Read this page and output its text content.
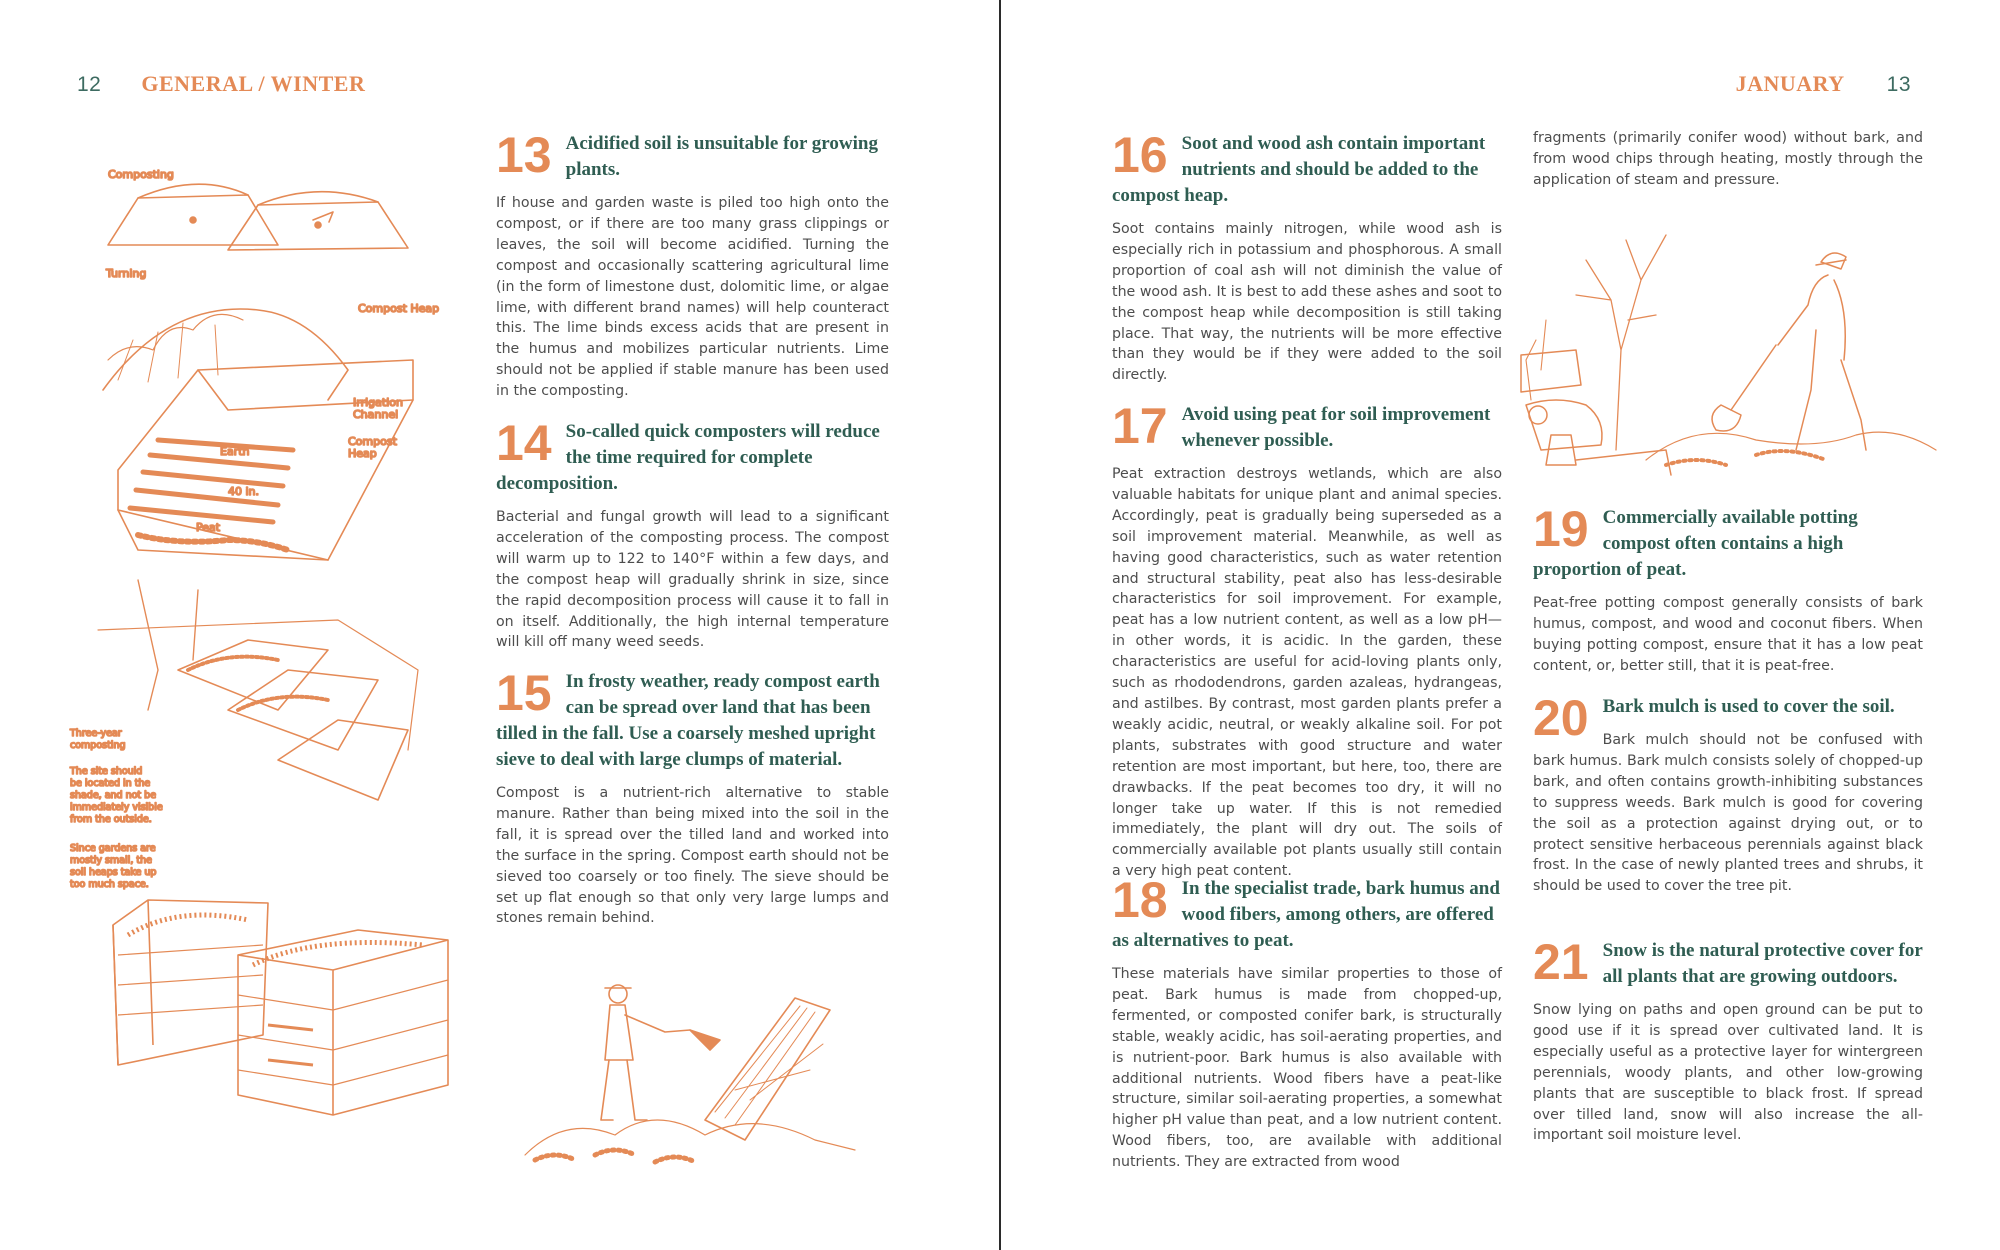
12 GENERAL / WINTER
Composting
Turning
Compost Heap
Earth
40 in.
Irrigation
Channel
Compost
Heap
Peat
Three-year
composting
The site should
be located in the
shade, and not be
immediately visible
from the outside.
Since gardens are
mostly small, the
soil heaps take up
too much space.
13 Acidified soil is unsuitable for growing plants.
If house and garden waste is piled too high onto the compost, or if there are too many grass clippings or leaves, the soil will become acidified. Turning the compost and occasionally scattering agricultural lime (in the form of limestone dust, dolomitic lime, or algae lime, with different brand names) will help counteract this. The lime binds excess acids that are present in the humus and mobilizes particular nutrients. Lime should not be applied if stable manure has been used in the composting.
14 So-called quick composters will reduce the time required for complete decomposition.
Bacterial and fungal growth will lead to a significant acceleration of the composting process. The compost will warm up to 122 to 140°F within a few days, and the compost heap will gradually shrink in size, since the rapid decomposition process will cause it to fall in on itself. Additionally, the high internal temperature will kill off many weed seeds.
15 In frosty weather, ready compost earth can be spread over land that has been tilled in the fall. Use a coarsely meshed upright sieve to deal with large clumps of material.
Compost is a nutrient-rich alternative to stable manure. Rather than being mixed into the soil in the fall, it is spread over the tilled land and worked into the surface in the spring. Compost earth should not be sieved too coarsely or too finely. The sieve should be set up flat enough so that only very large lumps and stones remain behind.
JANUARY 13
16 Soot and wood ash contain important nutrients and should be added to the compost heap.
Soot contains mainly nitrogen, while wood ash is especially rich in potassium and phosphorous. A small proportion of coal ash will not diminish the value of the wood ash. It is best to add these ashes and soot to the compost heap while decomposition is still taking place. That way, the nutrients will be more effective than they would be if they were added to the soil directly.
17 Avoid using peat for soil improvement whenever possible.
Peat extraction destroys wetlands, which are also valuable habitats for unique plant and animal species. Accordingly, peat is gradually being superseded as a soil improvement material. Meanwhile, as well as having good characteristics, such as water retention and structural stability, peat also has less-desirable characteristics for soil improvement. For example, peat has a low nutrient content, as well as a low pH—in other words, it is acidic. In the garden, these characteristics are useful for acid-loving plants only, such as rhododendrons, garden azaleas, hydrangeas, and astilbes. By contrast, most garden plants prefer a weakly acidic, neutral, or weakly alkaline soil. For pot plants, substrates with good structure and water retention are most important, but here, too, there are drawbacks. If the peat becomes too dry, it will no longer take up water. If this is not remedied immediately, the plant will dry out. The soils of commercially available pot plants usually still contain a very high peat content.
18 In the specialist trade, bark humus and wood fibers, among others, are offered as alternatives to peat.
These materials have similar properties to those of peat. Bark humus is made from chopped-up, fermented, or composted conifer bark, is structurally stable, weakly acidic, has soil-aerating properties, and is nutrient-poor. Bark humus is also available with additional nutrients. Wood fibers have a peat-like structure, similar soil-aerating properties, a somewhat higher pH value than peat, and a low nutrient content. Wood fibers, too, are available with additional nutrients. They are extracted from wood
fragments (primarily conifer wood) without bark, and from wood chips through heating, mostly through the application of steam and pressure.
19 Commercially available potting compost often contains a high proportion of peat.
Peat-free potting compost generally consists of bark humus, compost, and wood and coconut fibers. When buying potting compost, ensure that it has a low peat content, or, better still, that it is peat-free.
20 Bark mulch is used to cover the soil.
Bark mulch should not be confused with bark humus. Bark mulch consists solely of chopped-up bark, and often contains growth-inhibiting substances to suppress weeds. Bark mulch is good for covering the soil as a protection against drying out, or to protect sensitive herbaceous perennials against black frost. In the case of newly planted trees and shrubs, it should be used to cover the tree pit.
21 Snow is the natural protective cover for all plants that are growing outdoors.
Snow lying on paths and open ground can be put to good use if it is spread over cultivated land. It is especially useful as a protective layer for wintergreen perennials, woody plants, and other low-growing plants that are susceptible to black frost. If spread over tilled land, snow will also increase the all-important soil moisture level.
